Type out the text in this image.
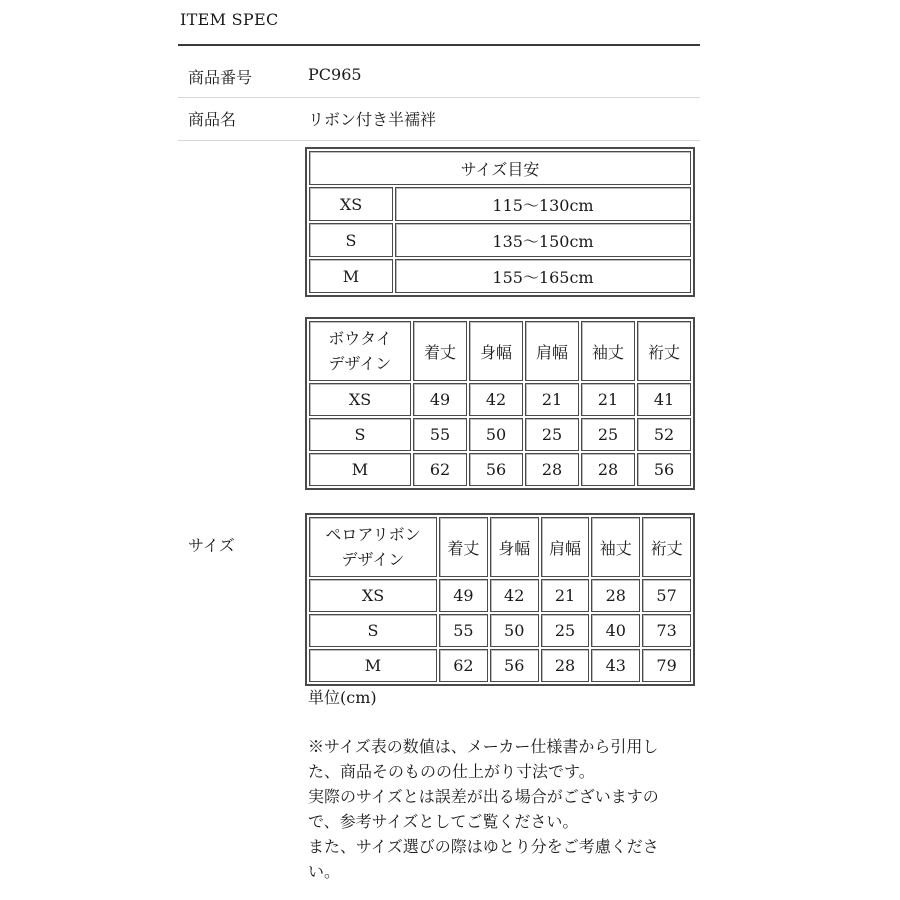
ITEM SPEC
商品番号	PC965
商品名	リボン付き半襦袢
サイズ
サイズ目安	
XS	115〜130cm
S	135〜150cm
M	155〜165cm
ボウタイ
デザイン	着丈	身幅	肩幅	袖丈	裄丈
XS	49	42	21	21	41
S	55	50	25	25	52
M	62	56	28	28	56
ペロアリボン
デザイン	着丈	身幅	肩幅	袖丈	裄丈
XS	49	42	21	28	57
S	55	50	25	40	73
M	62	56	28	43	79
単位(cm)
※サイズ表の数値は、メーカー仕様書から引用し
た、商品そのものの仕上がり寸法です。
実際のサイズとは誤差が出る場合がございますの
で、参考サイズとしてご覧ください。
また、サイズ選びの際はゆとり分をご考慮くださ
い。
